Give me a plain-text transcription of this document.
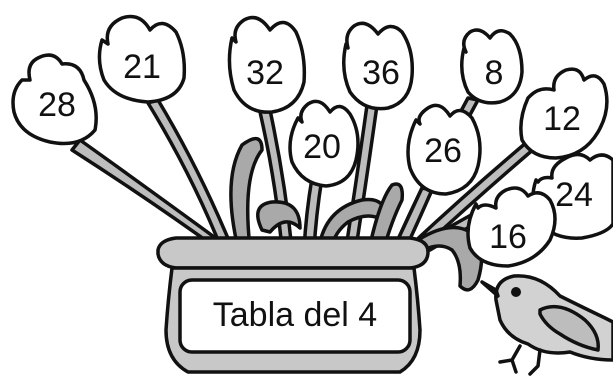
28
21	32 36 8
20 26
12
24
16
Tabla del 4
